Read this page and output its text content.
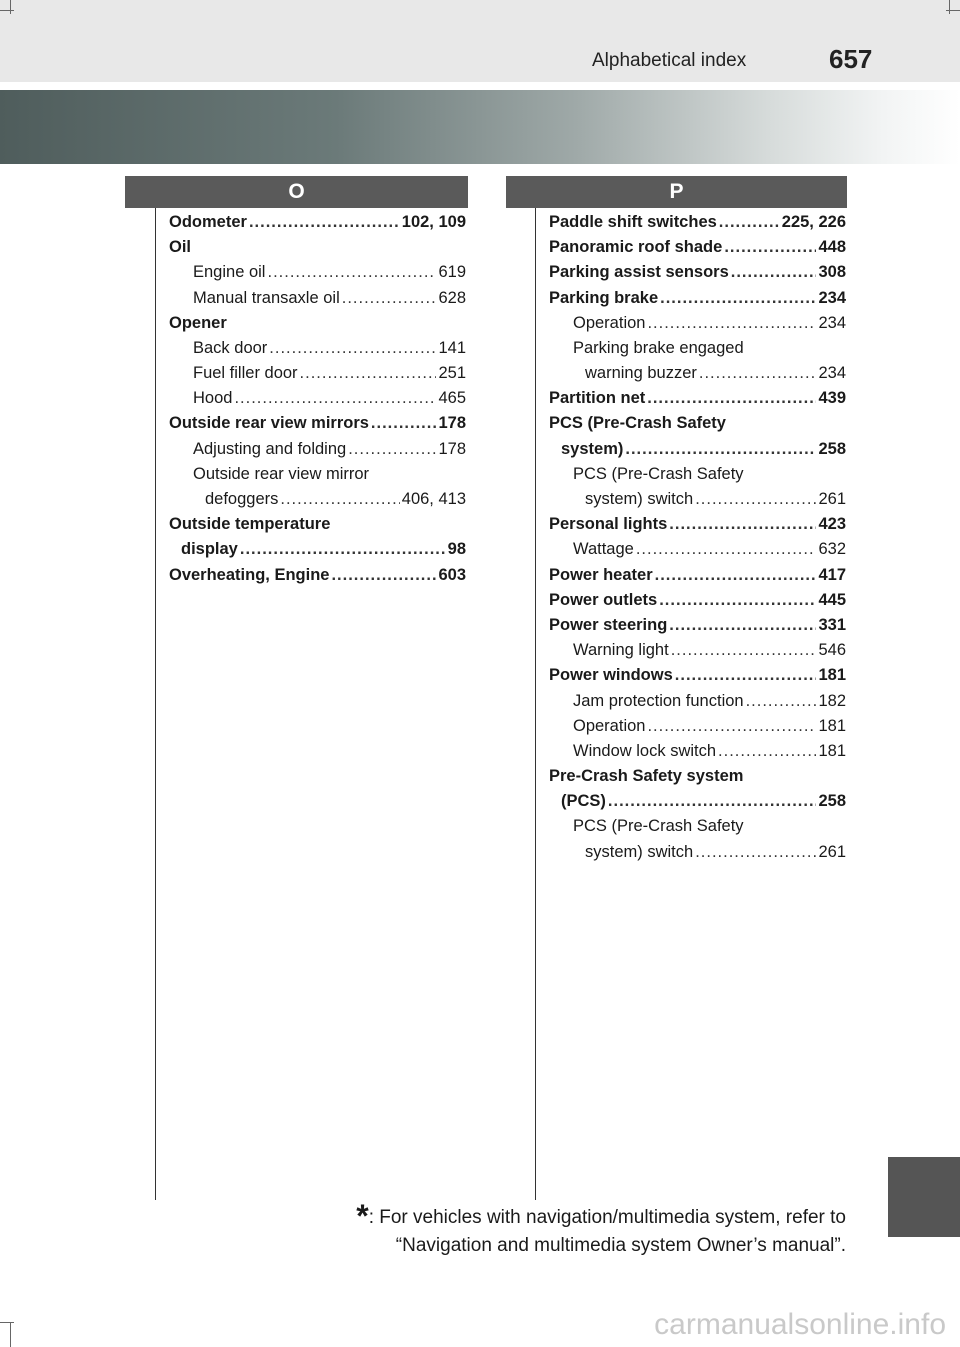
Alphabetical index	657
O	P
Odometer .....	102, 109
Oil
Engine oil .....	619
Manual transaxle oil .....	628
Opener
Back door .....	141
Fuel filler door .....	251
Hood .....	465
Outside rear view mirrors .....	178
Adjusting and folding .....	178
Outside rear view mirror
defoggers .....	406, 413
Outside temperature
display .....	98
Overheating, Engine .....	603
Paddle shift switches .....	225, 226
Panoramic roof shade .....	448
Parking assist sensors .....	308
Parking brake .....	234
Operation .....	234
Parking brake engaged
warning buzzer .....	234
Partition net .....	439
PCS (Pre-Crash Safety
system) .....	258
PCS (Pre-Crash Safety
system) switch .....	261
Personal lights .....	423
Wattage .....	632
Power heater .....	417
Power outlets .....	445
Power steering .....	331
Warning light .....	546
Power windows .....	181
Jam protection function .....	182
Operation .....	181
Window lock switch .....	181
Pre-Crash Safety system
(PCS) .....	258
PCS (Pre-Crash Safety
system) switch .....	261
*: For vehicles with navigation/multimedia system, refer to
“Navigation and multimedia system Owner’s manual”.
carmanualsonline.info
